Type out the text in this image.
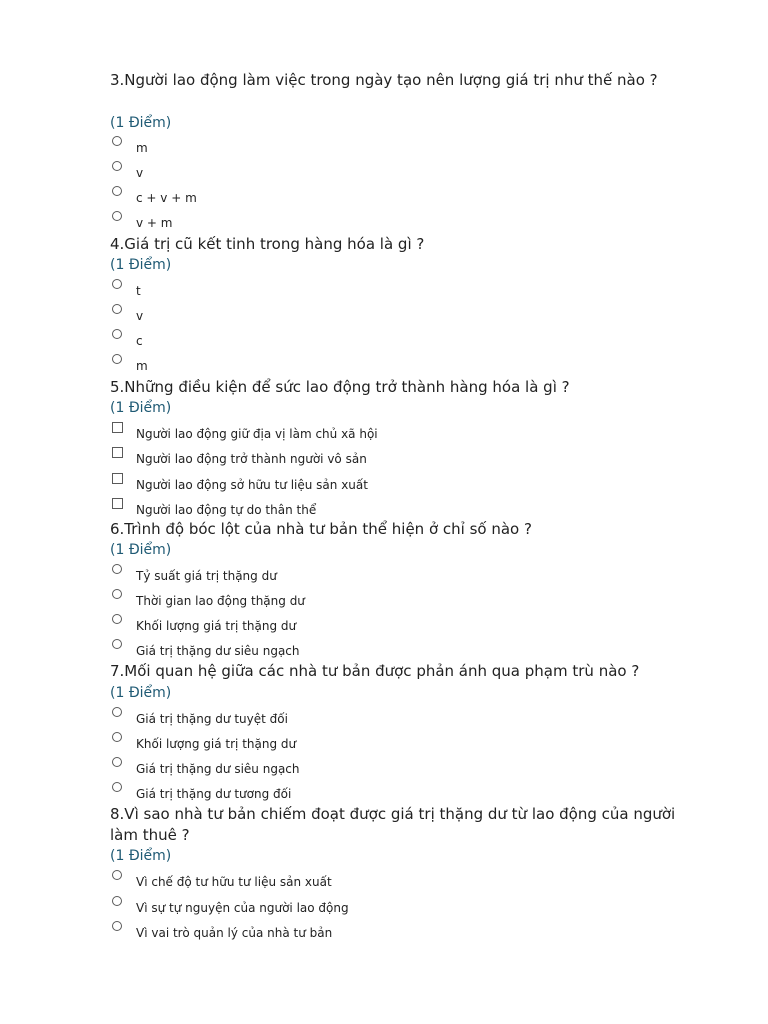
3.Người lao động làm việc trong ngày tạo nên lượng giá trị như thế nào ?

(1 Điểm)

m
v
c + v + m
v + m

4.Giá trị cũ kết tinh trong hàng hóa là gì ?

(1 Điểm)

t
v
c
m

5.Những điều kiện để sức lao động trở thành hàng hóa là gì ?

(1 Điểm)

Người lao động giữ địa vị làm chủ xã hội
Người lao động trở thành người vô sản
Người lao động sở hữu tư liệu sản xuất
Người lao động tự do thân thể

6.Trình độ bóc lột của nhà tư bản thể hiện ở chỉ số nào ?

(1 Điểm)

Tỷ suất giá trị thặng dư
Thời gian lao động thặng dư
Khối lượng giá trị thặng dư
Giá trị thặng dư siêu ngạch

7.Mối quan hệ giữa các nhà tư bản được phản ánh qua phạm trù nào ?

(1 Điểm)

Giá trị thặng dư tuyệt đối
Khối lượng giá trị thặng dư
Giá trị thặng dư siêu ngạch
Giá trị thặng dư tương đối

8.Vì sao nhà tư bản chiếm đoạt được giá trị thặng dư từ lao động của người làm thuê ?

(1 Điểm)

Vì chế độ tư hữu tư liệu sản xuất
Vì sự tự nguyện của người lao động
Vì vai trò quản lý của nhà tư bản
